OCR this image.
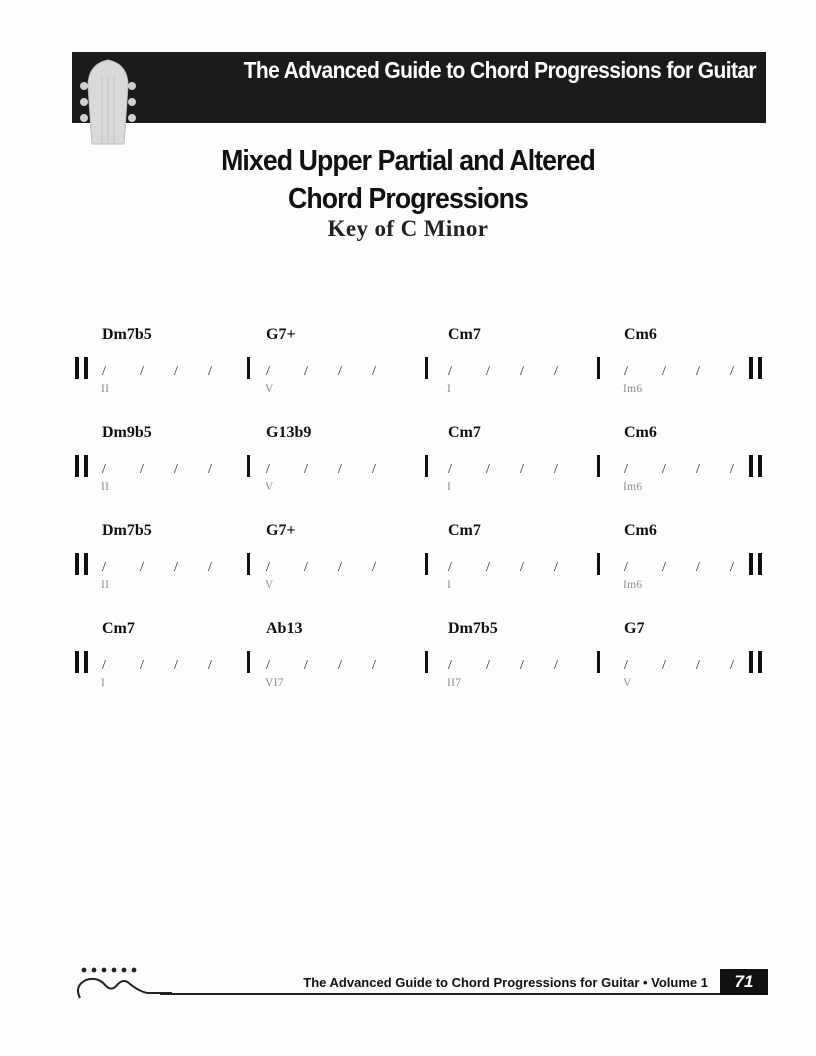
The Advanced Guide to Chord Progressions for Guitar
Mixed Upper Partial and Altered
Chord Progressions
Key of C Minor
Dm7b5
/ / / /
II
G7+
/ / / /
V
Cm7
/ / / /
I
Cm6
/ / / /
Im6
Dm9b5
/ / / /
II
G13b9
/ / / /
V
Cm7
/ / / /
I
Cm6
/ / / /
Im6
Dm7b5
/ / / /
II
G7+
/ / / /
V
Cm7
/ / / /
I
Cm6
/ / / /
Im6
Cm7
/ / / /
I
Ab13
/ / / /
VI7
Dm7b5
/ / / /
II7
G7
/ / / /
V
The Advanced Guide to Chord Progressions for Guitar • Volume 1	71
